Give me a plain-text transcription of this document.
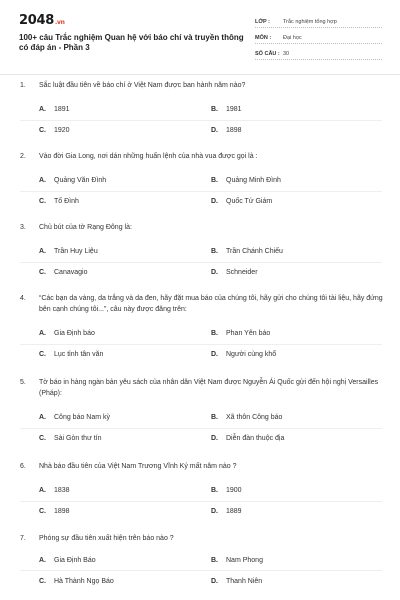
2048.vn
100+ câu Trắc nghiệm Quan hệ với báo chí và truyền thông có đáp án - Phần 3
LỚP :	Trắc nghiệm tổng hợp
MÔN :	Đại học
SỐ CÂU : 30
1. Sắc luật đầu tiên về báo chí ở Việt Nam được ban hành năm nào?
A. 1891	B. 1981
C. 1920	D. 1898
2. Vào đời Gia Long, nơi dán những huấn lệnh của nhà vua được gọi là :
A. Quảng Văn Đình	B. Quảng Minh Đình
C. Tố Đình	D. Quốc Tử Giám
3. Chủ bút của tờ Rạng Đông là:
A. Trần Huy Liệu	B. Trần Chánh Chiếu
C. Canavagio	D. Schneider
4. “Các bạn da vàng, da trắng và da đen, hãy đặt mua báo của chúng tôi, hãy gửi cho chúng tôi tài liệu, hãy đứng bên cạnh chúng tôi...”, câu này được đăng trên:
A. Gia Định báo	B. Phan Yên báo
C. Lục tỉnh tân văn	D. Người cùng khổ
5. Tờ báo in hàng ngàn bản yêu sách của nhân dân Việt Nam được Nguyễn Ái Quốc gửi đến hội nghị Versailles (Pháp):
A. Công báo Nam kỳ	B. Xã thôn Công báo
C. Sài Gòn thư tín	D. Diễn đàn thuộc địa
6. Nhà báo đầu tiên của Việt Nam Trương Vĩnh Ký mất năm nào ?
A. 1838	B. 1900
C. 1898	D. 1889
7. Phóng sự đầu tiên xuất hiện trên báo nào ?
A. Gia Định Báo	B. Nam Phong
C. Hà Thành Ngọ Báo	D. Thanh Niên
